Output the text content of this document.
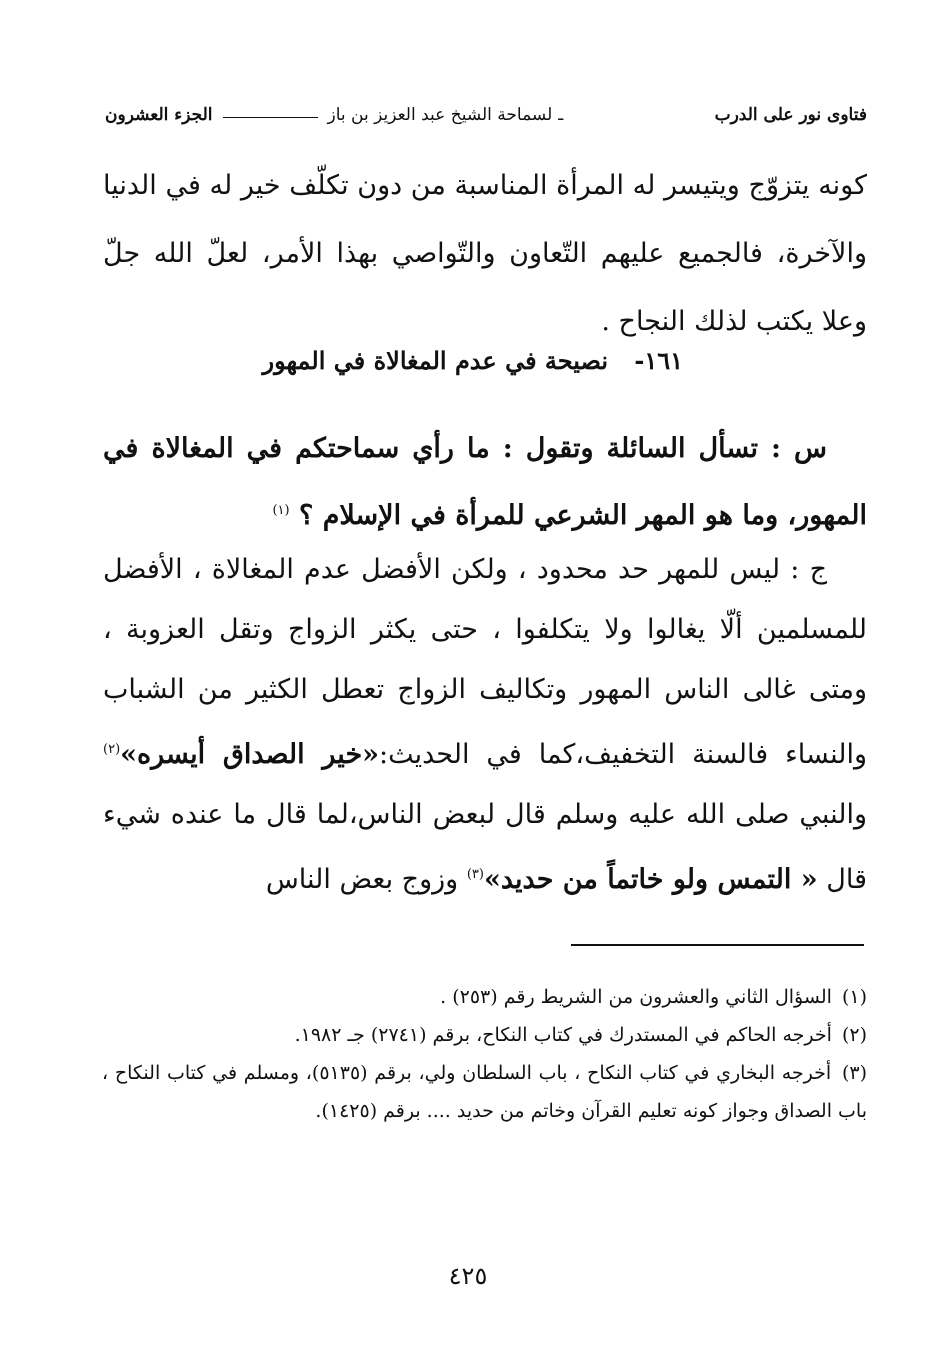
فتاوى نور على الدرب
ـ
لسماحة الشيخ عبد العزيز بن باز
الجزء العشرون
كونه يتزوّج ويتيسر له المرأة المناسبة من دون تكلّف خير له في الدنيا والآخرة، فالجميع عليهم التّعاون والتّواصي بهذا الأمر، لعلّ الله جلّ وعلا يكتب لذلك النجاح .
١٦١- نصيحة في عدم المغالاة في المهور
س : تسأل السائلة وتقول : ما رأي سماحتكم في المغالاة في المهور، وما هو المهر الشرعي للمرأة في الإسلام ؟ $^{(١)}$
ج : ليس للمهر حد محدود ، ولكن الأفضل عدم المغالاة ، الأفضل للمسلمين ألّا يغالوا ولا يتكلفوا ، حتى يكثر الزواج وتقل العزوبة ، ومتى غالى الناس المهور وتكاليف الزواج تعطل الكثير من الشباب والنساء فالسنة التخفيف،كما في الحديث:«خير الصداق أيسره»$^{(٢)}$ والنبي صلى الله عليه وسلم قال لبعض الناس،لما قال ما عنده شيء قال « التمس ولو خاتماً من حديد»$^{(٣)}$ وزوج بعض الناس
(١) السؤال الثاني والعشرون من الشريط رقم (٢٥٣) .
(٢) أخرجه الحاكم في المستدرك في كتاب النكاح، برقم (٢٧٤١) جـ ١٩٨٢.
(٣) أخرجه البخاري في كتاب النكاح ، باب السلطان ولي، برقم (٥١٣٥)، ومسلم في كتاب النكاح ، باب الصداق وجواز كونه تعليم القرآن وخاتم من حديد .... برقم (١٤٢٥).
٤٢٥
